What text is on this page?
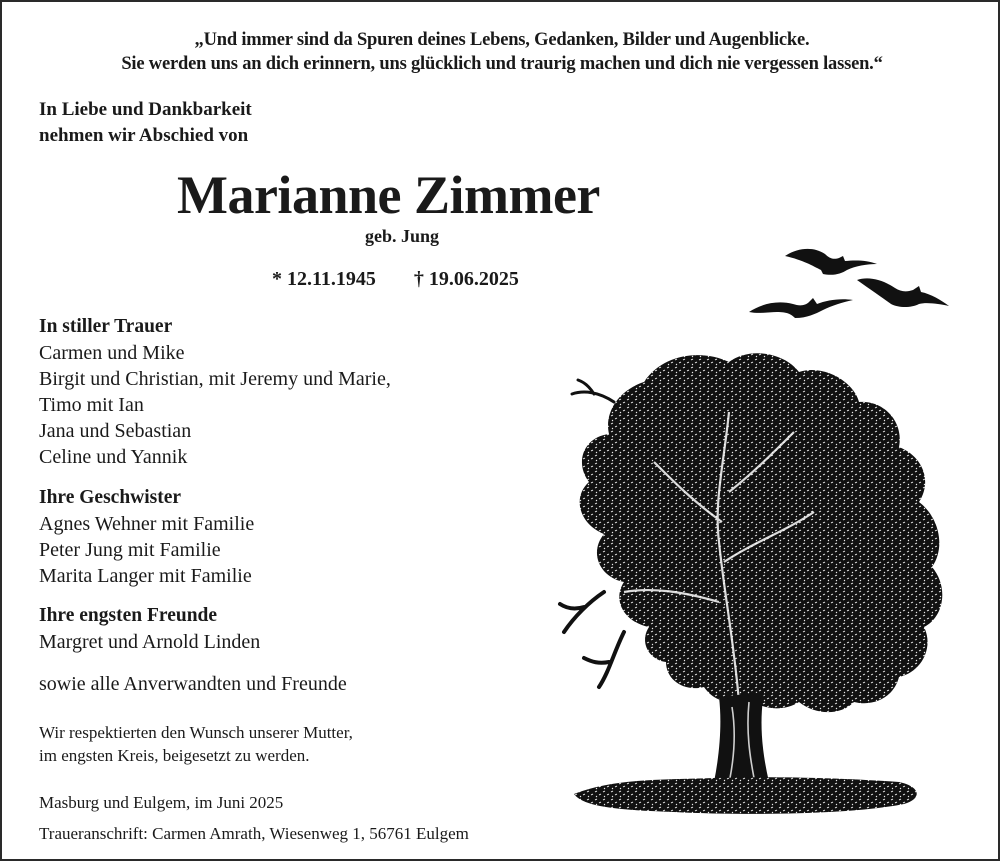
„Und immer sind da Spuren deines Lebens, Gedanken, Bilder und Augenblicke.
Sie werden uns an dich erinnern, uns glücklich und traurig machen und dich nie vergessen lassen.“
In Liebe und Dankbarkeit
nehmen wir Abschied von
Marianne Zimmer
geb. Jung
* 12.11.1945 † 19.06.2025
In stiller Trauer
Carmen und Mike
Birgit und Christian, mit Jeremy und Marie,
Timo mit Ian
Jana und Sebastian
Celine und Yannik
Ihre Geschwister
Agnes Wehner mit Familie
Peter Jung mit Familie
Marita Langer mit Familie
Ihre engsten Freunde
Margret und Arnold Linden
sowie alle Anverwandten und Freunde
Wir respektierten den Wunsch unserer Mutter,
im engsten Kreis, beigesetzt zu werden.
Masburg und Eulgem, im Juni 2025
Traueranschrift: Carmen Amrath, Wiesenweg 1, 56761 Eulgem
